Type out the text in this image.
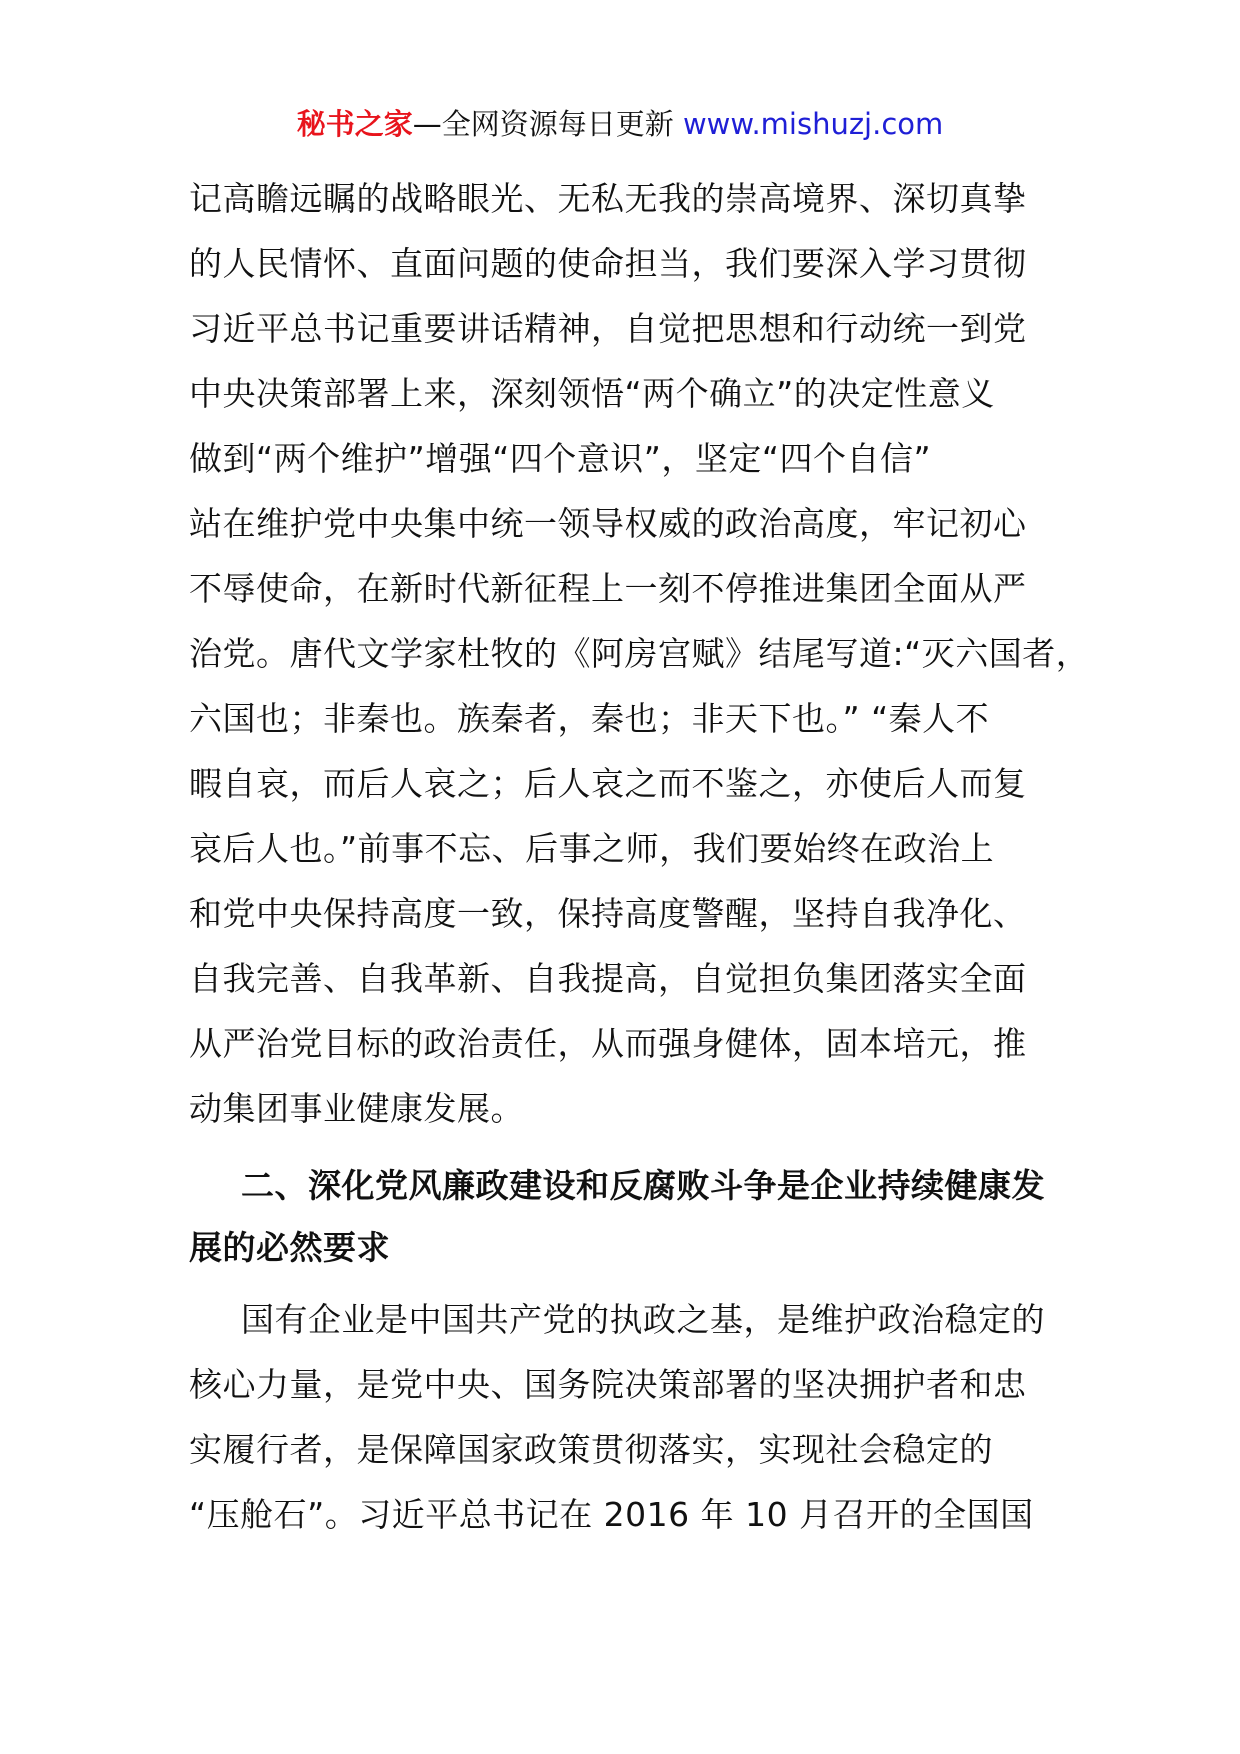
秘书之家—全网资源每日更新 www.mishuzj.com
记高瞻远瞩的战略眼光、无私无我的崇高境界、深切真挚
的人民情怀、直面问题的使命担当，我们要深入学习贯彻
习近平总书记重要讲话精神，自觉把思想和行动统一到党
中央决策部署上来，深刻领悟“两个确立”的决定性意义
做到“两个维护”增强“四个意识”，坚定“四个自信”
站在维护党中央集中统一领导权威的政治高度，牢记初心
不辱使命，在新时代新征程上一刻不停推进集团全面从严
治党。唐代文学家杜牧的《阿房宫赋》结尾写道:“灭六国者，
六国也；非秦也。族秦者，秦也；非天下也。” “秦人不
暇自哀，而后人哀之；后人哀之而不鉴之，亦使后人而复
哀后人也。”前事不忘、后事之师，我们要始终在政治上
和党中央保持高度一致，保持高度警醒，坚持自我净化、
自我完善、自我革新、自我提高，自觉担负集团落实全面
从严治党目标的政治责任，从而强身健体，固本培元，推
动集团事业健康发展。
二、深化党风廉政建设和反腐败斗争是企业持续健康发
展的必然要求
国有企业是中国共产党的执政之基，是维护政治稳定的
核心力量，是党中央、国务院决策部署的坚决拥护者和忠
实履行者，是保障国家政策贯彻落实，实现社会稳定的
“压舱石”。习近平总书记在 2016 年 10 月召开的全国国
